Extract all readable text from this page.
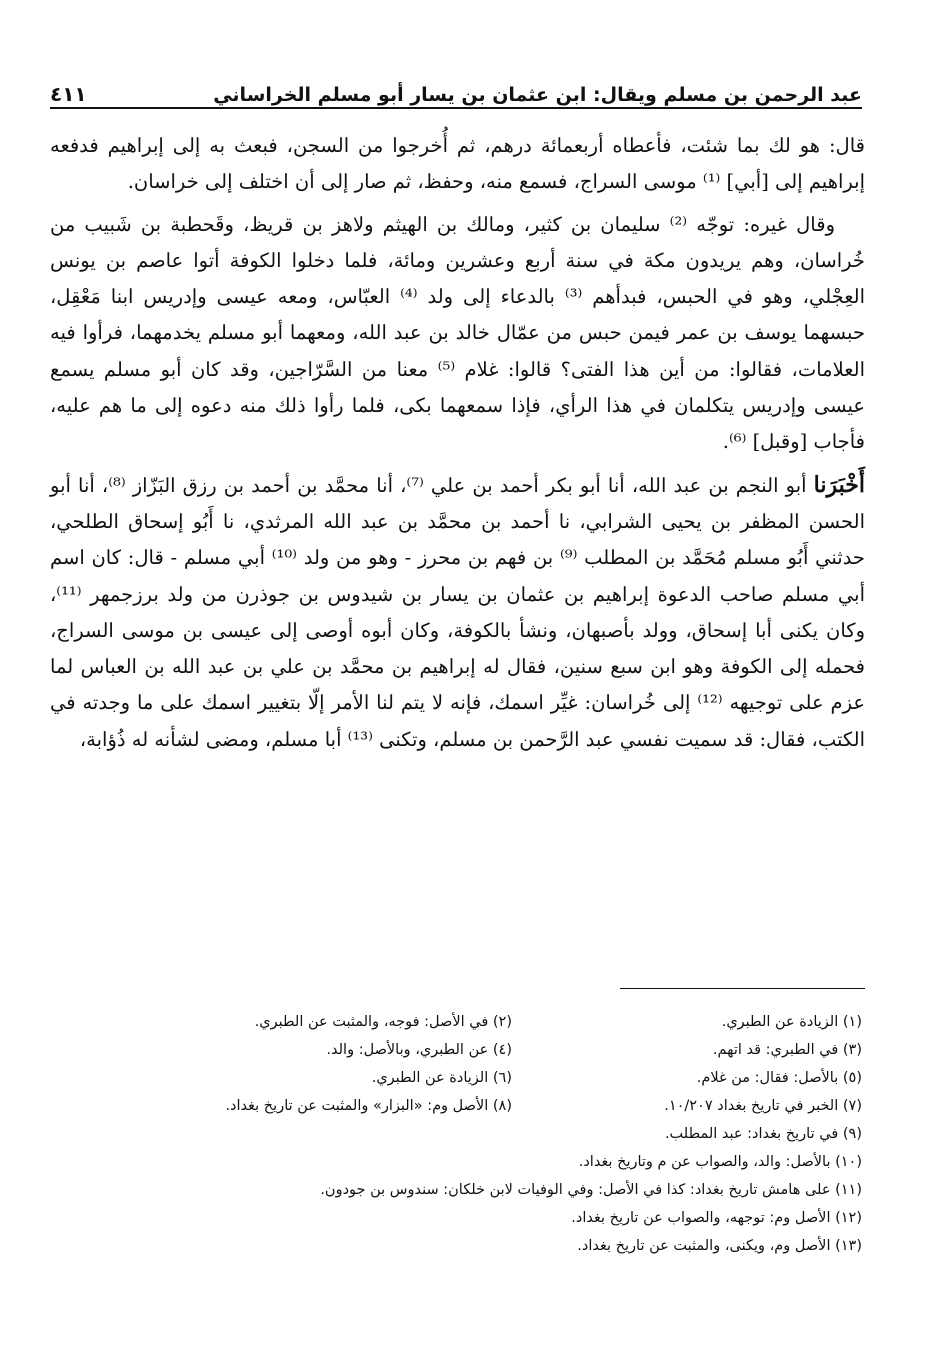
عبد الرحمن بن مسلم ويقال: ابن عثمان بن يسار أبو مسلم الخراساني
٤١١

قال: هو لك بما شئت، فأعطاه أربعمائة درهم، ثم أُخرجوا من السجن، فبعث به إلى إبراهيم فدفعه إبراهيم إلى [أبي] ⁽¹⁾ موسى السراج، فسمع منه، وحفظ، ثم صار إلى أن اختلف إلى خراسان.

وقال غيره: توجّه ⁽²⁾ سليمان بن كثير، ومالك بن الهيثم ولاهز بن قريظ، وقَحطبة بن شَبيب من خُراسان، وهم يريدون مكة في سنة أربع وعشرين ومائة، فلما دخلوا الكوفة أتوا عاصم بن يونس العِجْلي، وهو في الحبس، فبدأهم ⁽³⁾ بالدعاء إلى ولد ⁽⁴⁾ العبّاس، ومعه عيسى وإدريس ابنا مَعْقِل، حبسهما يوسف بن عمر فيمن حبس من عمّال خالد بن عبد الله، ومعهما أبو مسلم يخدمهما، فرأوا فيه العلامات، فقالوا: من أين هذا الفتى؟ قالوا: غلام ⁽⁵⁾ معنا من السَّرّاجين، وقد كان أبو مسلم يسمع عيسى وإدريس يتكلمان في هذا الرأي، فإذا سمعهما بكى، فلما رأوا ذلك منه دعوه إلى ما هم عليه، فأجاب [وقبل] ⁽⁶⁾.

أَخْبَرَنا أبو النجم بن عبد الله، أنا أبو بكر أحمد بن علي ⁽⁷⁾، أنا محمَّد بن أحمد بن رزق البَزّاز ⁽⁸⁾، أنا أبو الحسن المظفر بن يحيى الشرابي، نا أحمد بن محمَّد بن عبد الله المرثدي، نا أَبُو إسحاق الطلحي، حدثني أَبُو مسلم مُحَمَّد بن المطلب ⁽⁹⁾ بن فهم بن محرز - وهو من ولد ⁽¹⁰⁾ أبي مسلم - قال: كان اسم أبي مسلم صاحب الدعوة إبراهيم بن عثمان بن يسار بن شيدوس بن جوذرن من ولد برزجمهر ⁽¹¹⁾، وكان يكنى أبا إسحاق، وولد بأصبهان، ونشأ بالكوفة، وكان أبوه أوصى إلى عيسى بن موسى السراج، فحمله إلى الكوفة وهو ابن سبع سنين، فقال له إبراهيم بن محمَّد بن علي بن عبد الله بن العباس لما عزم على توجيهه ⁽¹²⁾ إلى خُراسان: غيِّر اسمك، فإنه لا يتم لنا الأمر إلّا بتغيير اسمك على ما وجدته في الكتب، فقال: قد سميت نفسي عبد الرَّحمن بن مسلم، وتكنى ⁽¹³⁾ أبا مسلم، ومضى لشأنه له ذُؤابة،

(١) الزيادة عن الطبري.
(٢) في الأصل: فوجه، والمثبت عن الطبري.
(٣) في الطبري: قد اتهم.
(٤) عن الطبري، وبالأصل: والد.
(٥) بالأصل: فقال: من غلام.
(٦) الزيادة عن الطبري.
(٧) الخبر في تاريخ بغداد ١٠/٢٠٧.
(٨) الأصل وم: «البزار» والمثبت عن تاريخ بغداد.
(٩) في تاريخ بغداد: عبد المطلب.
(١٠) بالأصل: والد، والصواب عن م وتاريخ بغداد.
(١١) على هامش تاريخ بغداد: كذا في الأصل: وفي الوفيات لابن خلكان: سندوس بن جودون.
(١٢) الأصل وم: توجهه، والصواب عن تاريخ بغداد.
(١٣) الأصل وم، ويكنى، والمثبت عن تاريخ بغداد.
